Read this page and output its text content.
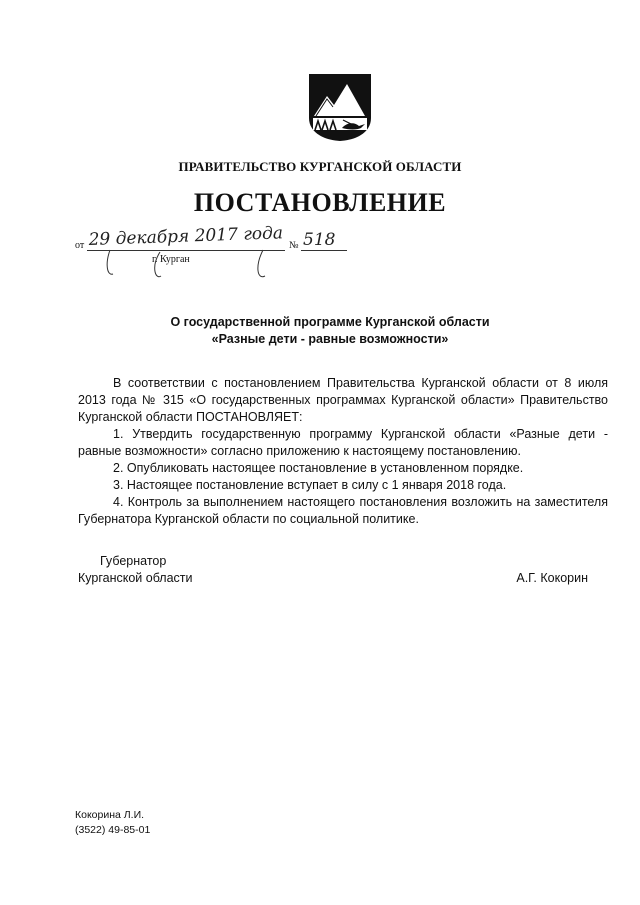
ПРАВИТЕЛЬСТВО КУРГАНСКОЙ ОБЛАСТИ
ПОСТАНОВЛЕНИЕ
от 29 декабря 2017 года № 518
г. Курган
О государственной программе Курганской области
«Разные дети - равные возможности»

В соответствии с постановлением Правительства Курганской области от 8 июля 2013 года № 315 «О государственных программах Курганской области» Правительство Курганской области ПОСТАНОВЛЯЕТ:

1. Утвердить государственную программу Курганской области «Разные дети - равные возможности» согласно приложению к настоящему постановлению.

2. Опубликовать настоящее постановление в установленном порядке.

3. Настоящее постановление вступает в силу с 1 января 2018 года.

4. Контроль за выполнением настоящего постановления возложить на заместителя Губернатора Курганской области по социальной политике.

Губернатор
Курганской области	А.Г. Кокорин
Кокорина Л.И.
(3522) 49-85-01
